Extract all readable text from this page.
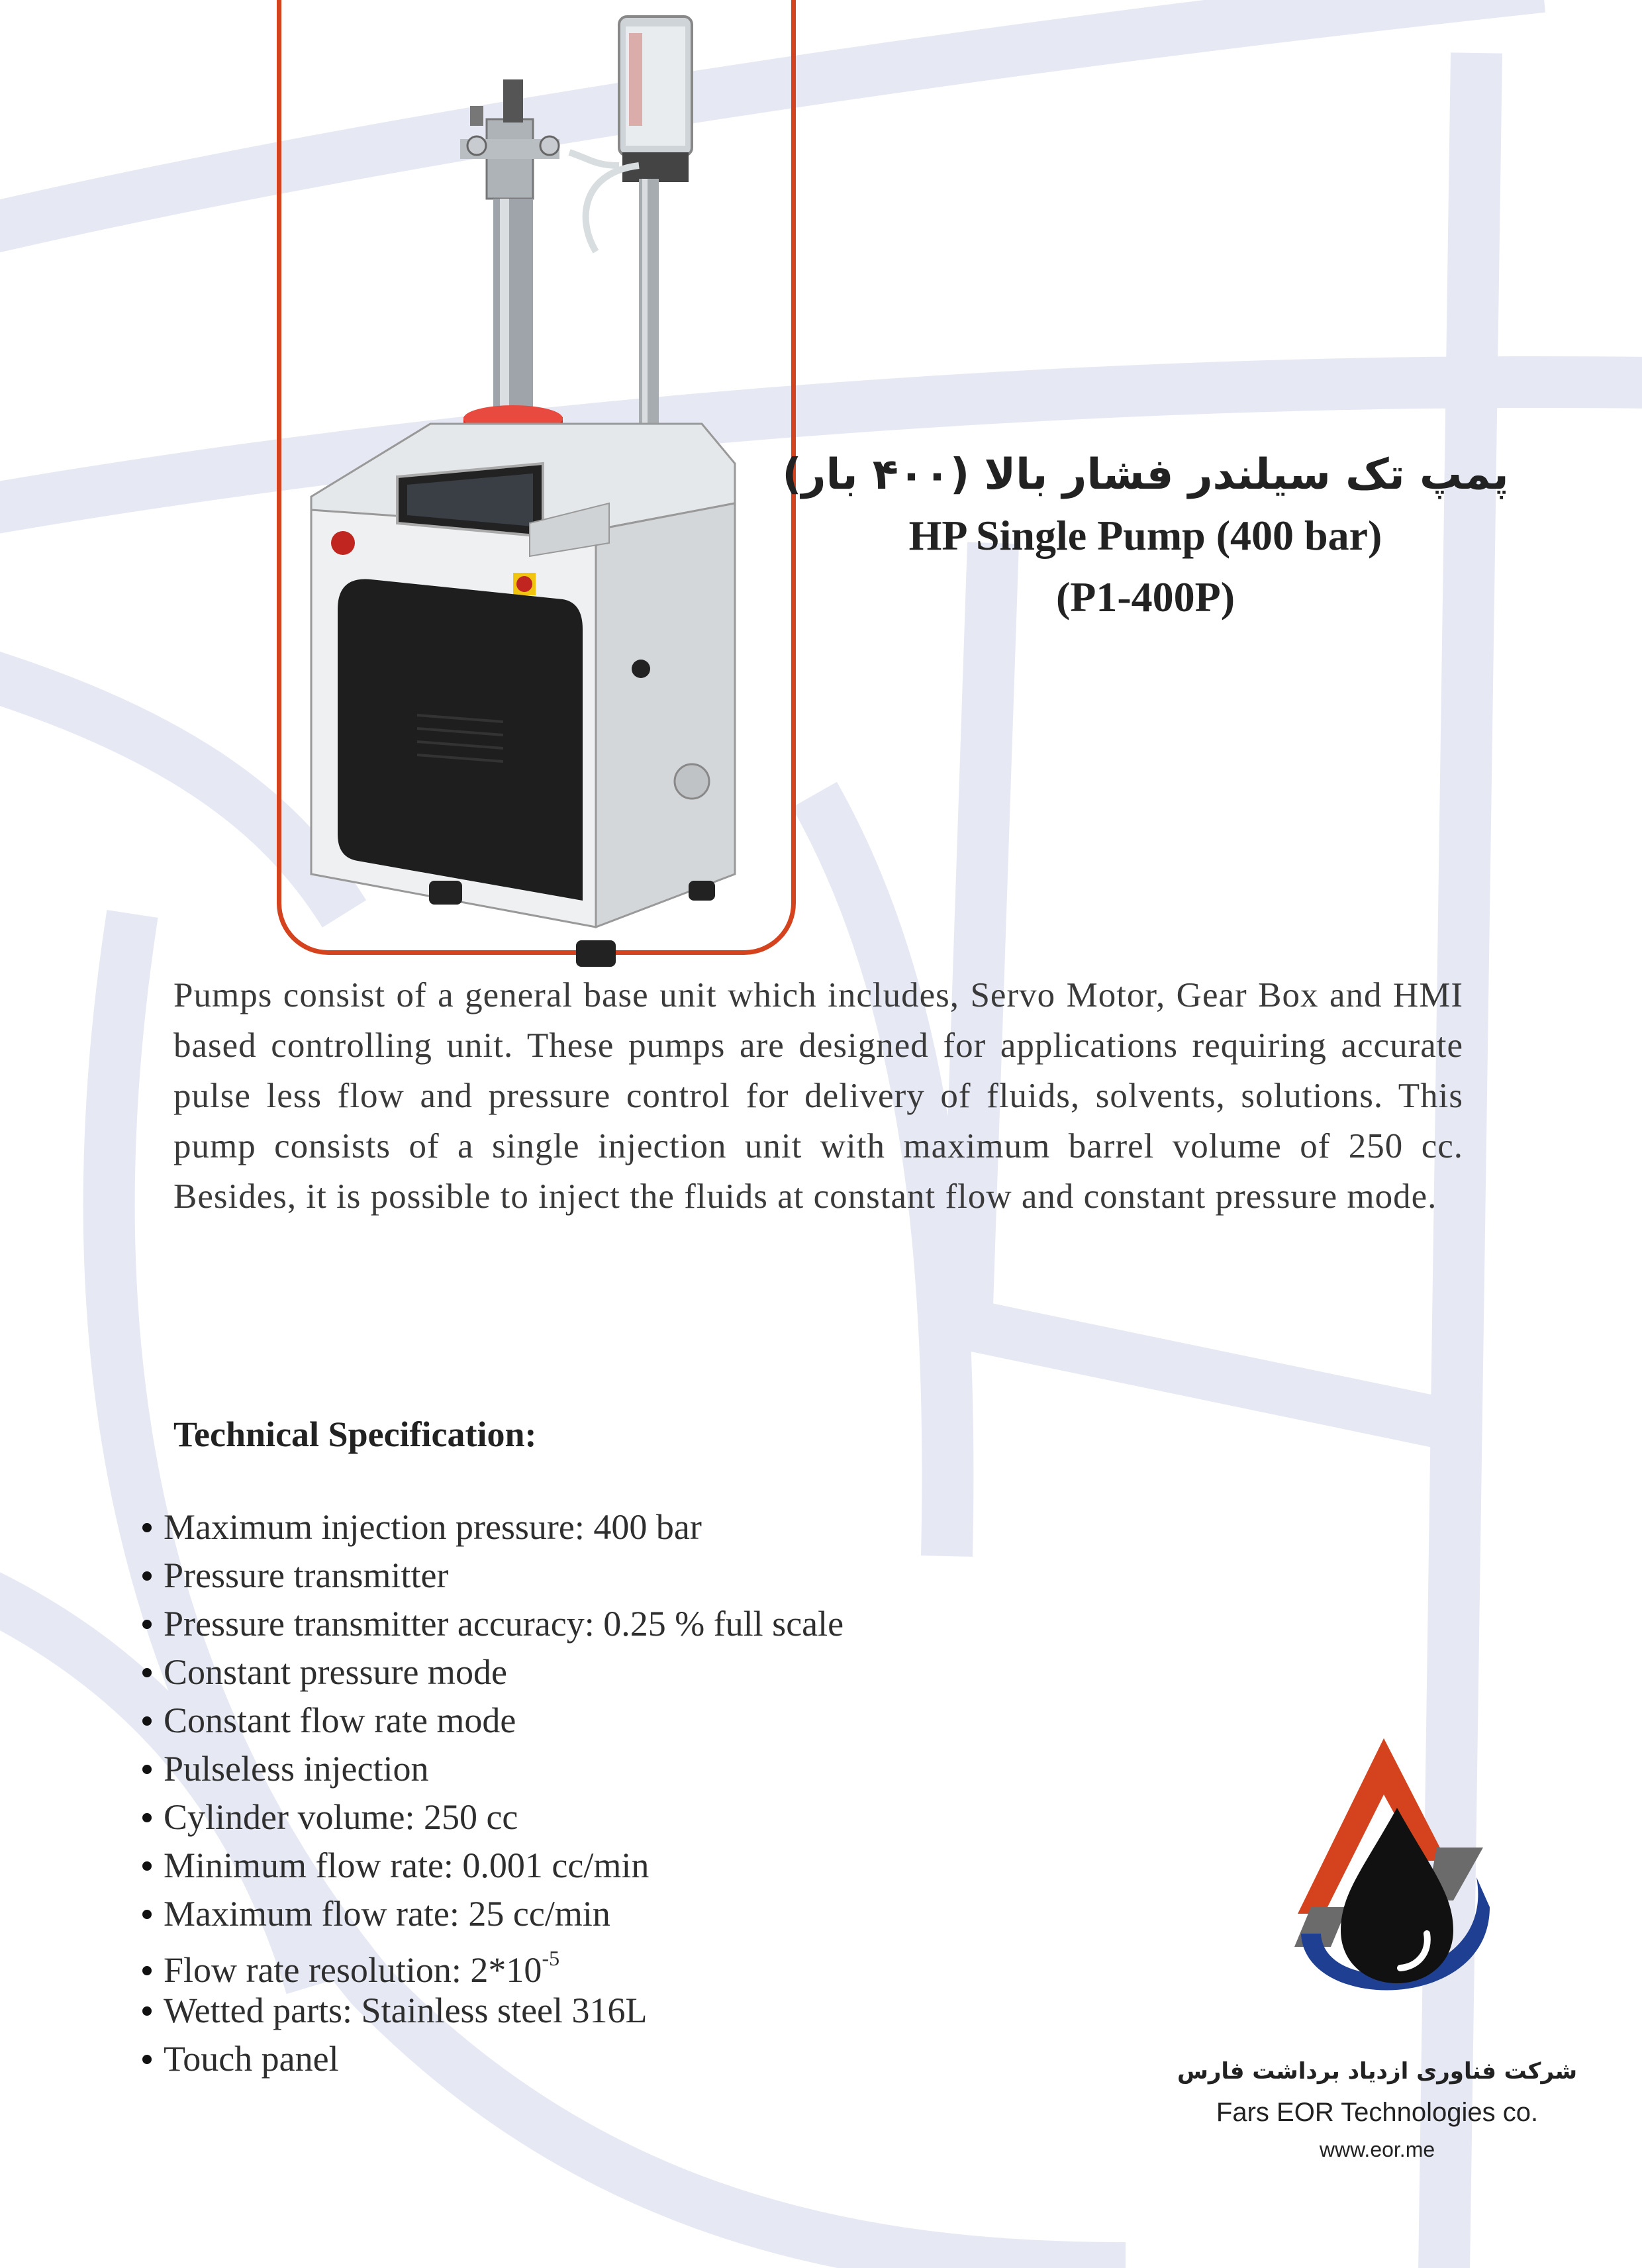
پمپ تک سیلندر فشار بالا (۴۰۰ بار)
HP Single Pump (400 bar)
(P1-400P)

Pumps consist of a general base unit which includes, Servo Motor, Gear Box and HMI based controlling unit. These pumps are designed for applications requiring accurate pulse less flow and pressure control for delivery of fluids, solvents, solutions. This pump consists of a single injection unit with maximum barrel volume of 250 cc. Besides, it is possible to inject the fluids at constant flow and constant pressure mode.

Technical Specification:
Maximum injection pressure: 400 bar
Pressure transmitter
Pressure transmitter accuracy: 0.25 % full scale
Constant pressure mode
Constant flow rate mode
Pulseless injection
Cylinder volume: 250 cc
Minimum flow rate: 0.001 cc/min
Maximum flow rate: 25 cc/min
Flow rate resolution: $2*10^{-5}$
Wetted parts: Stainless steel 316L
Touch panel	شرکت فناوری ازدیاد برداشت فارس
Fars EOR Technologies co.
www.eor.me
